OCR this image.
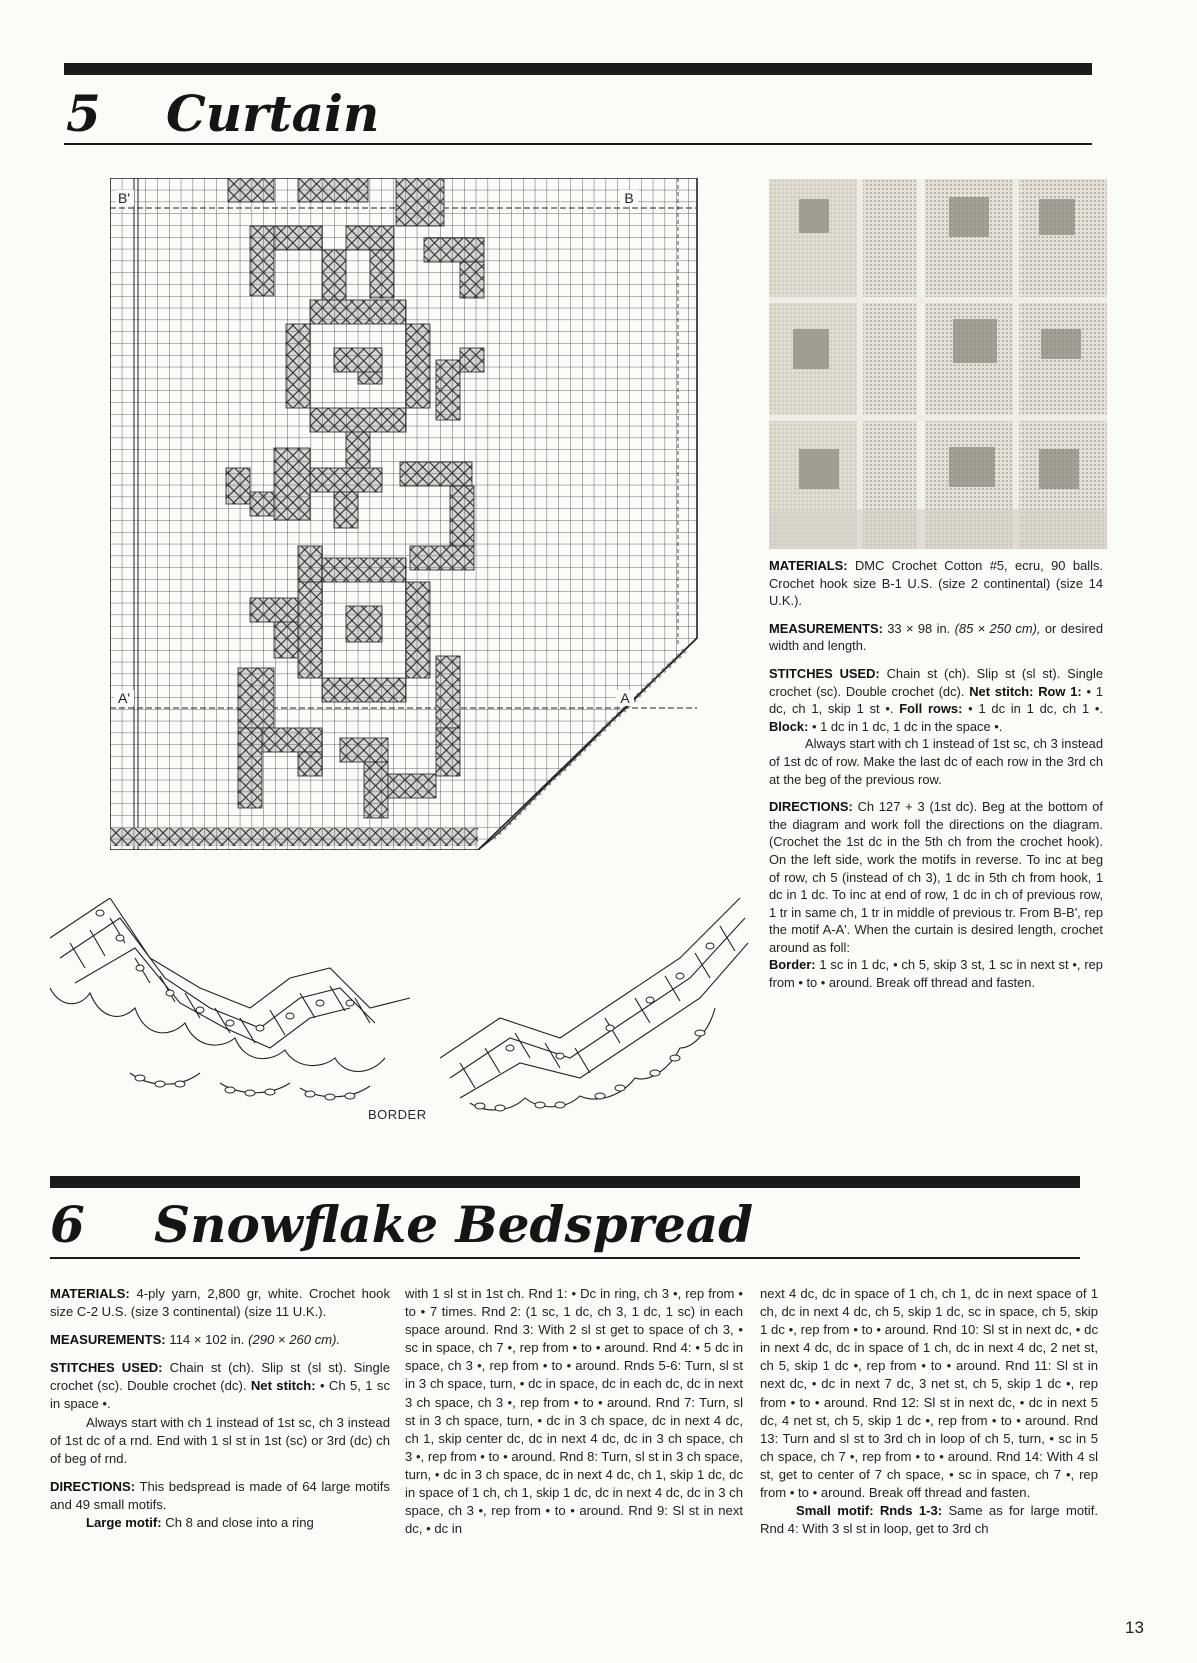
5 Curtain
B'	B
A'	A
BORDER

MATERIALS: DMC Crochet Cotton #5, ecru, 90 balls. Crochet hook size B-1 U.S. (size 2 continental) (size 14 U.K.).

MEASUREMENTS: 33 × 98 in. (85 × 250 cm), or desired width and length.

STITCHES USED: Chain st (ch). Slip st (sl st). Single crochet (sc). Double crochet (dc). Net stitch: Row 1: • 1 dc, ch 1, skip 1 st •. Foll rows: • 1 dc in 1 dc, ch 1 •. Block: • 1 dc in 1 dc, 1 dc in the space •.

Always start with ch 1 instead of 1st sc, ch 3 instead of 1st dc of row. Make the last dc of each row in the 3rd ch at the beg of the previous row.

DIRECTIONS: Ch 127 + 3 (1st dc). Beg at the bottom of the diagram and work foll the directions on the diagram. (Crochet the 1st dc in the 5th ch from the crochet hook). On the left side, work the motifs in reverse. To inc at beg of row, ch 5 (instead of ch 3), 1 dc in 5th ch from hook, 1 dc in 1 dc. To inc at end of row, 1 dc in ch of previous row, 1 tr in same ch, 1 tr in middle of previous tr. From B-B', rep the motif A-A'. When the curtain is desired length, crochet around as foll:

Border: 1 sc in 1 dc, • ch 5, skip 3 st, 1 sc in next st •, rep from • to • around. Break off thread and fasten.

6 Snowflake Bedspread

MATERIALS: 4-ply yarn, 2,800 gr, white. Crochet hook size C-2 U.S. (size 3 continental) (size 11 U.K.).

MEASUREMENTS: 114 × 102 in. (290 × 260 cm).

STITCHES USED: Chain st (ch). Slip st (sl st). Single crochet (sc). Double crochet (dc). Net stitch: • Ch 5, 1 sc in space •.

Always start with ch 1 instead of 1st sc, ch 3 instead of 1st dc of a rnd. End with 1 sl st in 1st (sc) or 3rd (dc) ch of beg of rnd.

DIRECTIONS: This bedspread is made of 64 large motifs and 49 small motifs.

Large motif: Ch 8 and close into a ring

with 1 sl st in 1st ch. Rnd 1: • Dc in ring, ch 3 •, rep from • to • 7 times. Rnd 2: (1 sc, 1 dc, ch 3, 1 dc, 1 sc) in each space around. Rnd 3: With 2 sl st get to space of ch 3, • sc in space, ch 7 •, rep from • to • around. Rnd 4: • 5 dc in space, ch 3 •, rep from • to • around. Rnds 5-6: Turn, sl st in 3 ch space, turn, • dc in space, dc in each dc, dc in next 3 ch space, ch 3 •, rep from • to • around. Rnd 7: Turn, sl st in 3 ch space, turn, • dc in 3 ch space, dc in next 4 dc, ch 1, skip center dc, dc in next 4 dc, dc in 3 ch space, ch 3 •, rep from • to • around. Rnd 8: Turn, sl st in 3 ch space, turn, • dc in 3 ch space, dc in next 4 dc, ch 1, skip 1 dc, dc in space of 1 ch, ch 1, skip 1 dc, dc in next 4 dc, dc in 3 ch space, ch 3 •, rep from • to • around. Rnd 9: Sl st in next dc, • dc in

next 4 dc, dc in space of 1 ch, ch 1, dc in next space of 1 ch, dc in next 4 dc, ch 5, skip 1 dc, sc in space, ch 5, skip 1 dc •, rep from • to • around. Rnd 10: Sl st in next dc, • dc in next 4 dc, dc in space of 1 ch, dc in next 4 dc, 2 net st, ch 5, skip 1 dc •, rep from • to • around. Rnd 11: Sl st in next dc, • dc in next 7 dc, 3 net st, ch 5, skip 1 dc •, rep from • to • around. Rnd 12: Sl st in next dc, • dc in next 5 dc, 4 net st, ch 5, skip 1 dc •, rep from • to • around. Rnd 13: Turn and sl st to 3rd ch in loop of ch 5, turn, • sc in 5 ch space, ch 7 •, rep from • to • around. Rnd 14: With 4 sl st, get to center of 7 ch space, • sc in space, ch 7 •, rep from • to • around. Break off thread and fasten.

Small motif: Rnds 1-3: Same as for large motif. Rnd 4: With 3 sl st in loop, get to 3rd ch

13
